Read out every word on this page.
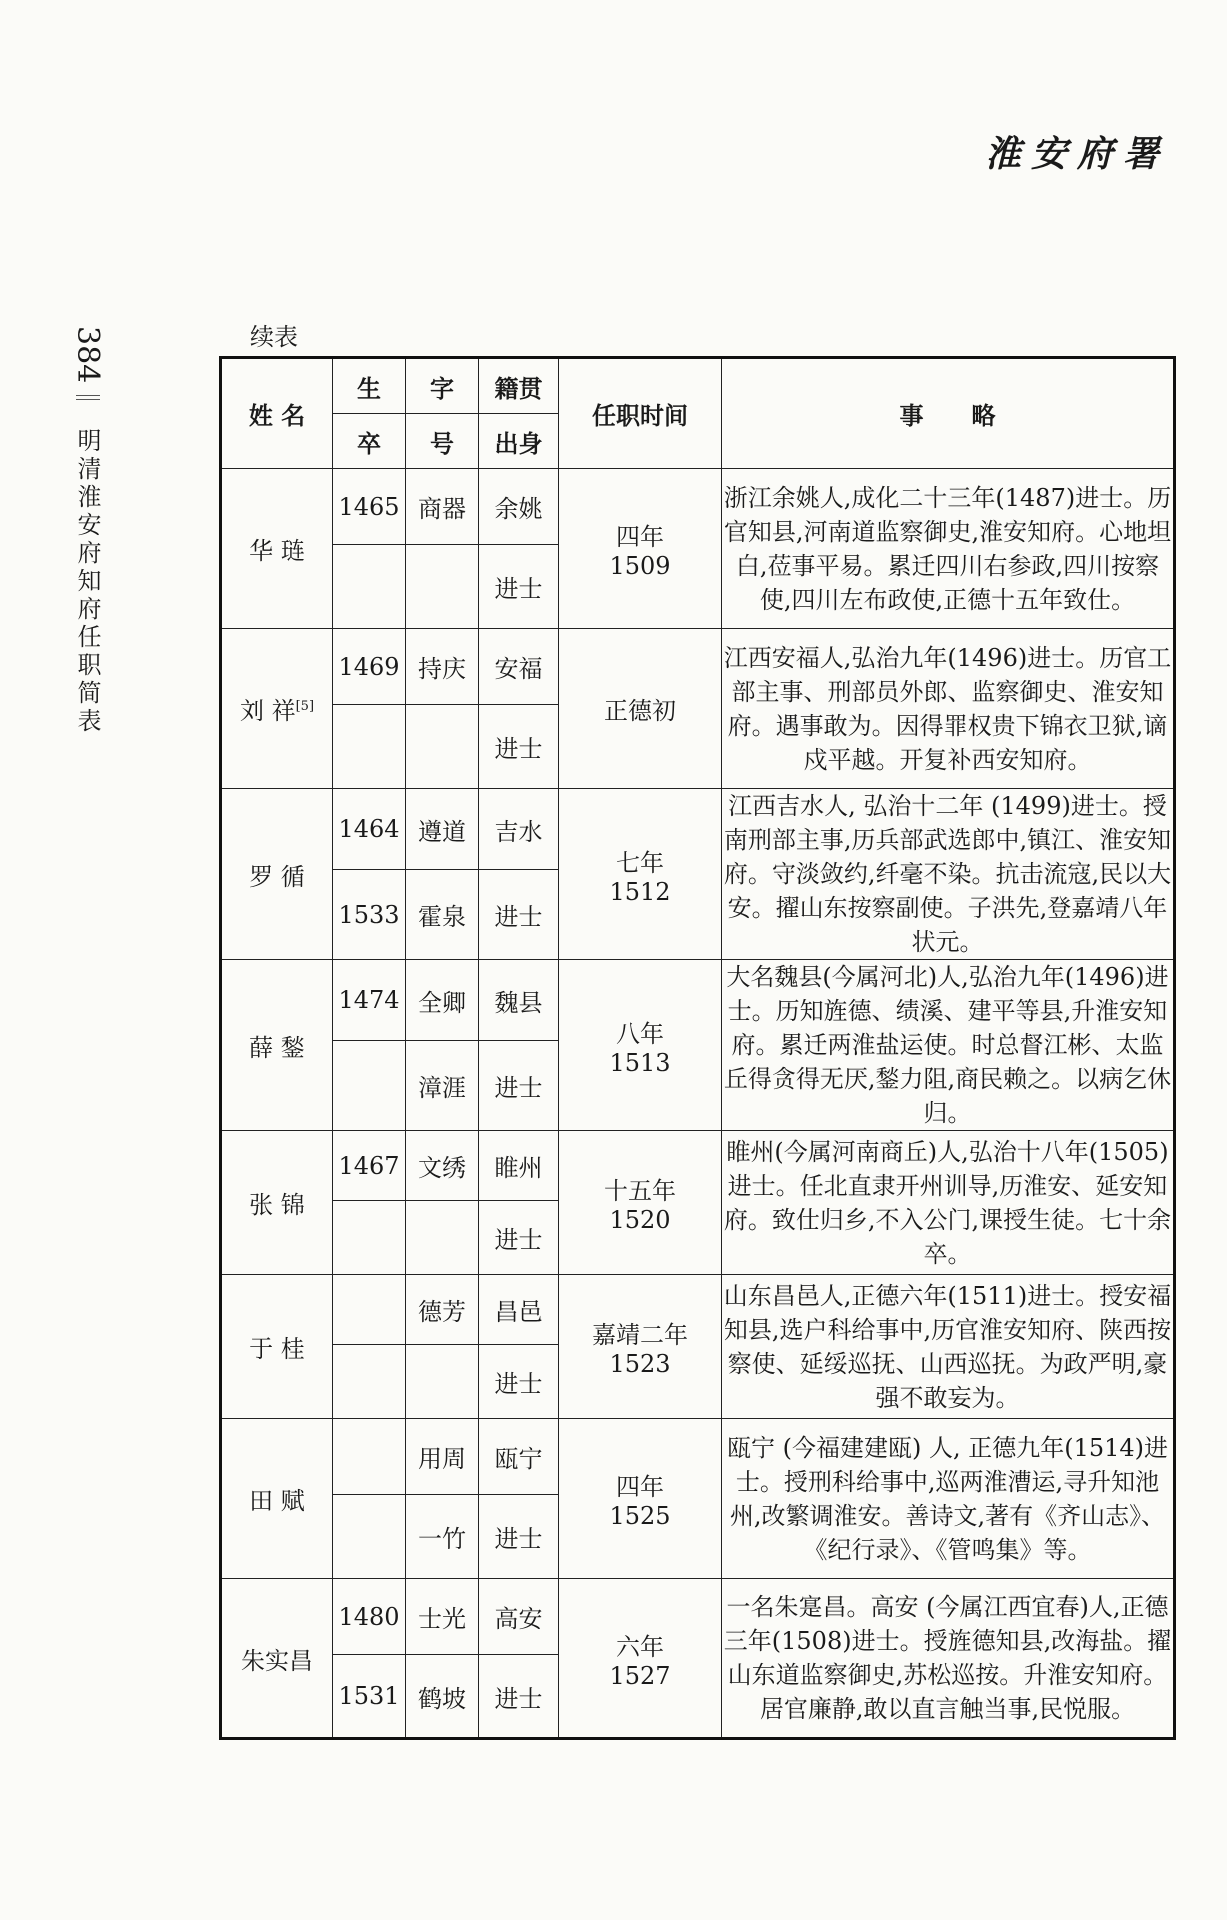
淮安府署
384
明清淮安府知府任职简表
续表
姓 名	生	字	籍贯	任职时间	事　　略
	卒	号	出身		
华 琏	1465	商器	余姚	四年
1509	浙江余姚人,成化二十三年(1487)进士。历官知县,河南道监察御史,淮安知府。心地坦白,莅事平易。累迁四川右参政,四川按察使,四川左布政使,正德十五年致仕。
			进士		
刘 祥[5]	1469	持庆	安福	正德初	江西安福人,弘治九年(1496)进士。历官工部主事、刑部员外郎、监察御史、淮安知府。遇事敢为。因得罪权贵下锦衣卫狱,谪戍平越。开复补西安知府。
			进士		
罗 循	1464	遵道	吉水	七年
1512	江西吉水人, 弘治十二年 (1499)进士。授南刑部主事,历兵部武选郎中,镇江、淮安知府。守淡敛约,纤毫不染。抗击流寇,民以大安。擢山东按察副使。子洪先,登嘉靖八年状元。
	1533	霍泉	进士		
薛 鍫	1474	全卿	魏县	八年
1513	大名魏县(今属河北)人,弘治九年(1496)进士。历知旌德、绩溪、建平等县,升淮安知府。累迁两淮盐运使。时总督江彬、太监丘得贪得无厌,鍫力阻,商民赖之。以病乞休归。
		漳涯	进士		
张 锦	1467	文绣	睢州	十五年
1520	睢州(今属河南商丘)人,弘治十八年(1505)进士。任北直隶开州训导,历淮安、延安知府。致仕归乡,不入公门,课授生徒。七十余卒。
			进士		
于 桂		德芳	昌邑	嘉靖二年
1523	山东昌邑人,正德六年(1511)进士。授安福知县,选户科给事中,历官淮安知府、陕西按察使、延绥巡抚、山西巡抚。为政严明,豪强不敢妄为。
			进士		
田 赋		用周	瓯宁	四年
1525	瓯宁 (今福建建瓯) 人, 正德九年(1514)进士。授刑科给事中,巡两淮漕运,寻升知池州,改繁调淮安。善诗文,著有《齐山志》、《纪行录》、《管鸣集》等。
		一竹	进士		
朱实昌	1480	士光	高安	六年
1527	一名朱寔昌。高安 (今属江西宜春)人,正德三年(1508)进士。授旌德知县,改海盐。擢山东道监察御史,苏松巡按。升淮安知府。居官廉静,敢以直言触当事,民悦服。
	1531	鹤坡	进士		
